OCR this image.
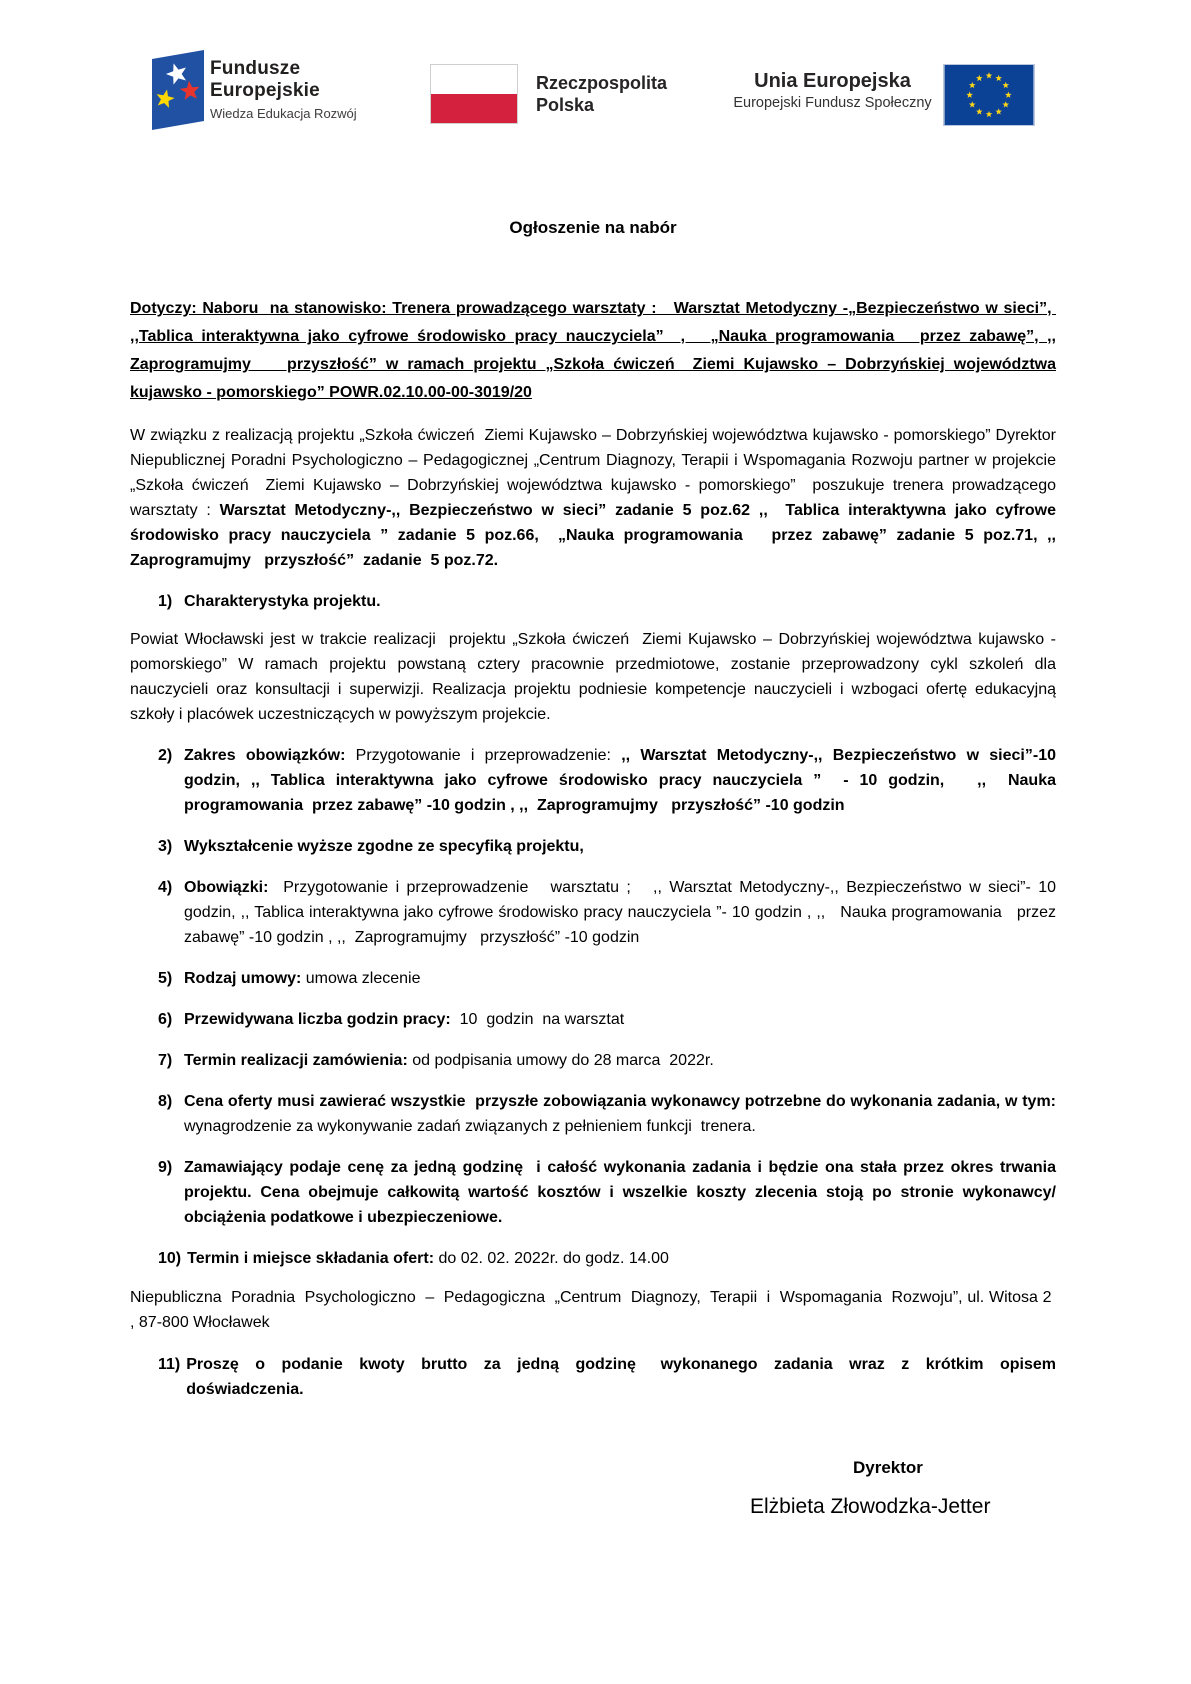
Fundusze
Europejskie
Wiedza Edukacja Rozwój
Rzeczpospolita
Polska
Unia Europejska
Europejski Fundusz Społeczny

Ogłoszenie na nabór

Dotyczy: Naboru  na stanowisko: Trenera prowadzącego warsztaty :   Warsztat Metodyczny -„Bezpieczeństwo w sieci”,  ,,Tablica interaktywna jako cyfrowe środowisko pracy nauczyciela”  ,   „Nauka programowania   przez zabawę”, ,, Zaprogramujmy    przyszłość” w ramach projektu „Szkoła ćwiczeń  Ziemi Kujawsko – Dobrzyńskiej województwa kujawsko - pomorskiego” POWR.02.10.00-00-3019/20

W związku z realizacją projektu „Szkoła ćwiczeń  Ziemi Kujawsko – Dobrzyńskiej województwa kujawsko - pomorskiego” Dyrektor Niepublicznej Poradni Psychologiczno – Pedagogicznej „Centrum Diagnozy, Terapii i Wspomagania Rozwoju partner w projekcie „Szkoła ćwiczeń  Ziemi Kujawsko – Dobrzyńskiej województwa kujawsko - pomorskiego”  poszukuje trenera prowadzącego warsztaty : Warsztat Metodyczny-,, Bezpieczeństwo w sieci” zadanie 5 poz.62 ,,  Tablica interaktywna jako cyfrowe środowisko pracy nauczyciela ” zadanie 5 poz.66,  „Nauka programowania   przez zabawę” zadanie 5 poz.71, ,, Zaprogramujmy   przyszłość”  zadanie  5 poz.72.

1) Charakterystyka projektu.

Powiat Włocławski jest w trakcie realizacji  projektu „Szkoła ćwiczeń  Ziemi Kujawsko – Dobrzyńskiej województwa kujawsko - pomorskiego” W ramach projektu powstaną cztery pracownie przedmiotowe, zostanie przeprowadzony cykl szkoleń dla nauczycieli oraz konsultacji i superwizji. Realizacja projektu podniesie kompetencje nauczycieli i wzbogaci ofertę edukacyjną szkoły i placówek uczestniczących w powyższym projekcie.

2) Zakres obowiązków: Przygotowanie i przeprowadzenie: ,, Warsztat Metodyczny-,, Bezpieczeństwo w sieci”-10 godzin, ,, Tablica interaktywna jako cyfrowe środowisko pracy nauczyciela ”  - 10 godzin,   ,,  Nauka programowania  przez zabawę” -10 godzin , ,,  Zaprogramujmy   przyszłość” -10 godzin
3) Wykształcenie wyższe zgodne ze specyfiką projektu,
4) Obowiązki:  Przygotowanie i przeprowadzenie   warsztatu ;   ,, Warsztat Metodyczny-,, Bezpieczeństwo w sieci”- 10 godzin, ,, Tablica interaktywna jako cyfrowe środowisko pracy nauczyciela ”- 10 godzin , ,,   Nauka programowania   przez zabawę” -10 godzin , ,,  Zaprogramujmy   przyszłość” -10 godzin
5) Rodzaj umowy: umowa zlecenie
6) Przewidywana liczba godzin pracy:  10  godzin  na warsztat
7) Termin realizacji zamówienia: od podpisania umowy do 28 marca  2022r.
8) Cena oferty musi zawierać wszystkie  przyszłe zobowiązania wykonawcy potrzebne do wykonania zadania, w tym: wynagrodzenie za wykonywanie zadań związanych z pełnieniem funkcji  trenera.
9) Zamawiający podaje cenę za jedną godzinę  i całość wykonania zadania i będzie ona stała przez okres trwania projektu. Cena obejmuje całkowitą wartość kosztów i wszelkie koszty zlecenia stoją po stronie wykonawcy/ obciążenia podatkowe i ubezpieczeniowe.
10) Termin i miejsce składania ofert: do 02. 02. 2022r. do godz. 14.00

Niepubliczna  Poradnia  Psychologiczno  –  Pedagogiczna  „Centrum  Diagnozy,  Terapii  i  Wspomagania  Rozwoju”, ul. Witosa 2  , 87-800 Włocławek

11) Proszę  o  podanie  kwoty  brutto  za  jedną  godzinę   wykonanego  zadania  wraz  z  krótkim  opisem doświadczenia.

Dyrektor

Elżbieta Złowodzka-Jetter
